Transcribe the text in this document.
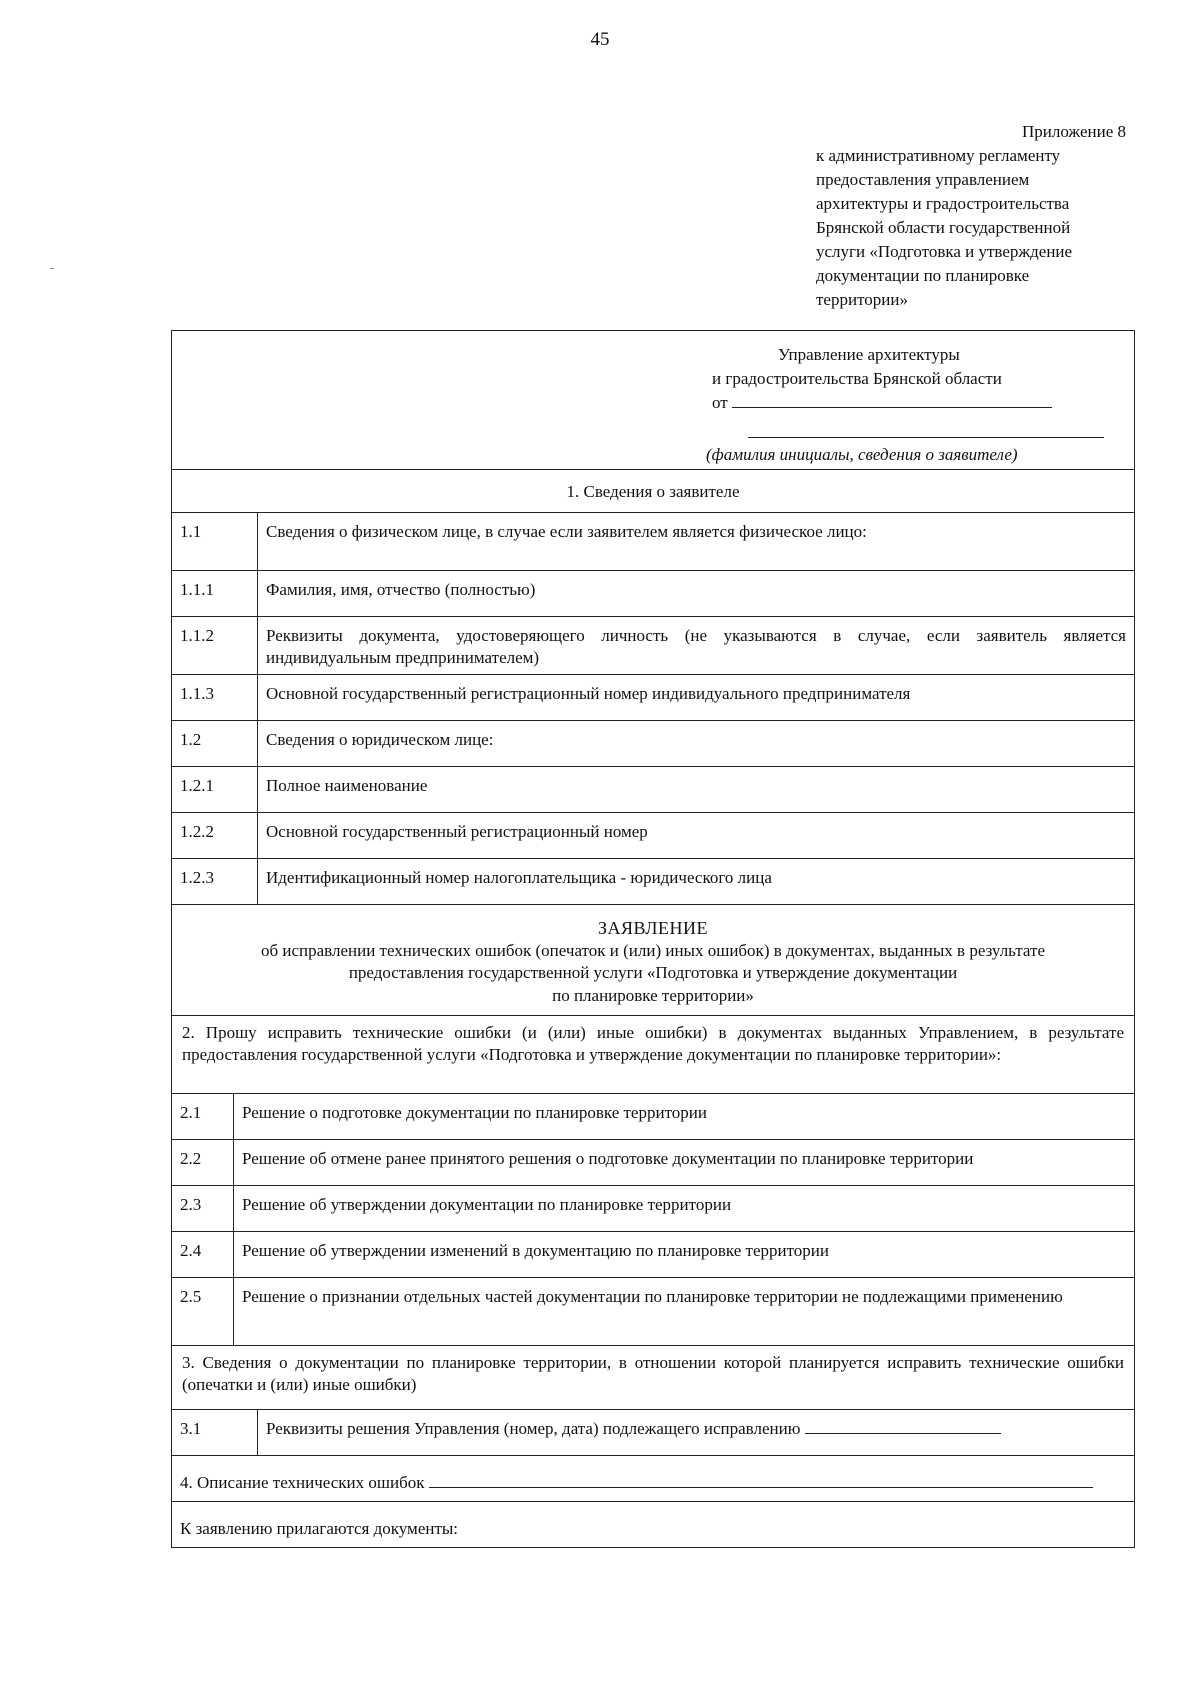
45
Приложение 8
к административному регламенту
предоставления управлением
архитектуры и градостроительства
Брянской области государственной
услуги «Подготовка и утверждение
документации по планировке
территории»
Управление архитектуры
и градостроительства Брянской области
от
(фамилия инициалы, сведения о заявителе)
1. Сведения о заявителе
1.1	Сведения о физическом лице, в случае если заявителем является физическое лицо:
1.1.1	Фамилия, имя, отчество (полностью)
1.1.2	Реквизиты документа, удостоверяющего личность (не указываются в случае, если заявитель является индивидуальным предпринимателем)
1.1.3	Основной государственный регистрационный номер индивидуального предпринимателя
1.2	Сведения о юридическом лице:
1.2.1	Полное наименование
1.2.2	Основной государственный регистрационный номер
1.2.3	Идентификационный номер налогоплательщика - юридического лица
ЗАЯВЛЕНИЕ
об исправлении технических ошибок (опечаток и (или) иных ошибок) в документах, выданных в результате
предоставления государственной услуги «Подготовка и утверждение документации
по планировке территории»
2. Прошу исправить технические ошибки (и (или) иные ошибки) в документах выданных Управлением, в результате предоставления государственной услуги «Подготовка и утверждение документации по планировке территории»:
2.1	Решение о подготовке документации по планировке территории
2.2	Решение об отмене ранее принятого решения о подготовке документации по планировке территории
2.3	Решение об утверждении документации по планировке территории
2.4	Решение об утверждении изменений в документацию по планировке территории
2.5	Решение о признании отдельных частей документации по планировке территории не подлежащими применению
3. Сведения о документации по планировке территории, в отношении которой планируется исправить технические ошибки (опечатки и (или) иные ошибки)
3.1	Реквизиты решения Управления (номер, дата) подлежащего исправлению
4. Описание технических ошибок
К заявлению прилагаются документы:
